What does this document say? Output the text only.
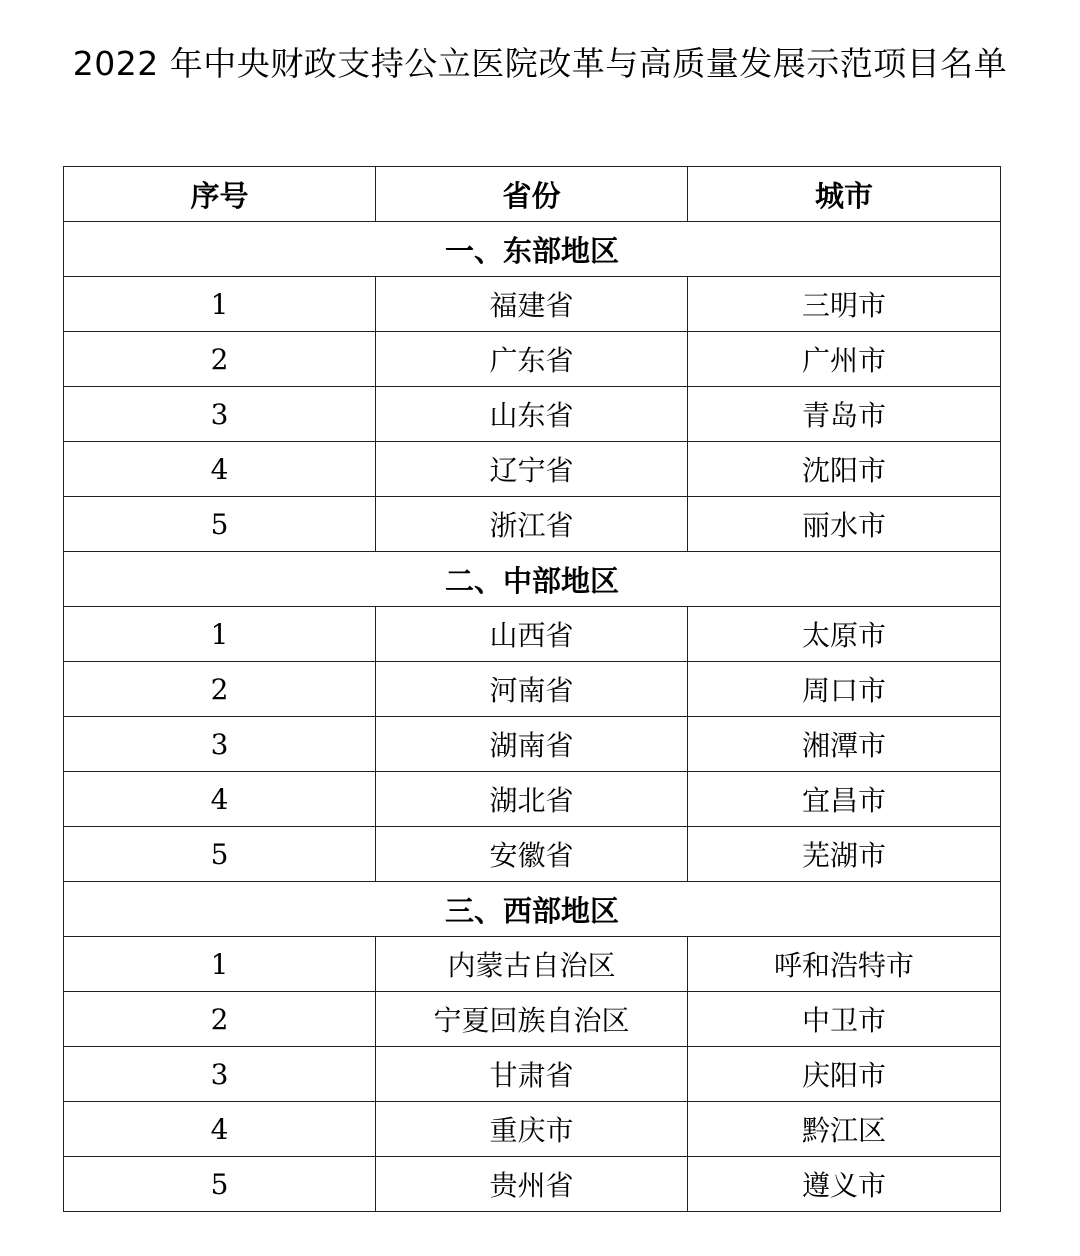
2022 年中央财政支持公立医院改革与高质量发展示范项目名单
序号	省份	城市
一、东部地区		
1	福建省	三明市
2	广东省	广州市
3	山东省	青岛市
4	辽宁省	沈阳市
5	浙江省	丽水市
二、中部地区		
1	山西省	太原市
2	河南省	周口市
3	湖南省	湘潭市
4	湖北省	宜昌市
5	安徽省	芜湖市
三、西部地区		
1	内蒙古自治区	呼和浩特市
2	宁夏回族自治区	中卫市
3	甘肃省	庆阳市
4	重庆市	黔江区
5	贵州省	遵义市
